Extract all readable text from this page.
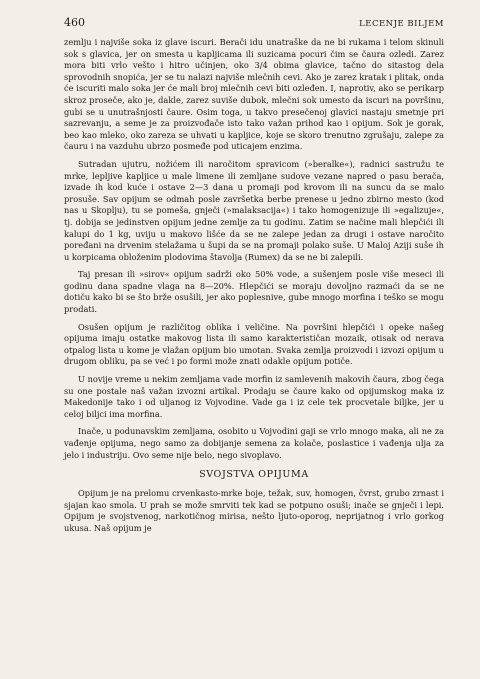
460	LECENJE BILJEM

zemlju i najviše soka iz glave iscuri. Berači idu unatraške da ne bi rukama i telom skinuli sok s glavica, jer on smesta u kapljicama ili suzicama pocuri čim se čaura ozledi. Zarez mora biti vrlo vešto i hitro učinjen, oko 3/4 obima glavice, tačno do sitastog dela sprovodnih snopića, jer se tu nalazi najviše mlečnih cevi. Ako je zarez kratak i plitak, onda će iscuriti malo soka jer će mali broj mlečnih cevi biti ozleđen. I, naprotiv, ako se perikarp skroz proseče, ako je, dakle, zarez suviše dubok, mlečni sok umesto da iscuri na površinu, gubi se u unutrašnjosti čaure. Osim toga, u takvo presečenoj glavici nastaju smetnje pri sazrevanju, a seme je za proizvođače isto tako važan prihod kao i opijum. Sok je gorak, beo kao mleko, oko zareza se uhvati u kapljice, koje se skoro trenutno zgrušaju, zalepe za čauru i na vazduhu ubrzo posmeđe pod uticajem enzima.

Sutradan ujutru, nožićem ili naročitom spravicom (»beralke«), radnici sastružu te mrke, lepljive kapljice u male limene ili zemljane sudove vezane napred o pasu berača, izvade ih kod kuće i ostave 2—3 dana u promaji pod krovom ili na suncu da se malo prosuše. Sav opijum se odmah posle završetka berbe prenese u jedno zbirno mesto (kod nas u Skoplju), tu se pomeša, gnječi (»malaksacija«) i tako homogenizuje ili »egalizuje«, tj. dobija se jedinstven opijum jedne zemlje za tu godinu. Zatim se načine mali hlepčići ili kalupi do 1 kg, uviju u makovo lišće da se ne zalepe jedan za drugi i ostave naročito poređani na drvenim stelažama u šupi da se na promaji polako suše. U Maloj Aziji suše ih u korpicama obloženim plodovima štavolja (Rumex) da se ne bi zalepili.

Taj presan ili »sirov« opijum sadrži oko 50% vode, a sušenjem posle više meseci ili godinu dana spadne vlaga na 8—20%. Hlepčići se moraju dovoljno razmaći da se ne dotiču kako bi se što brže osušili, jer ako poplesnive, gube mnogo morfina i teško se mogu prodati.

Osušen opijum je različitog oblika i veličine. Na površini hlepčići i opeke našeg opijuma imaju ostatke makovog lista ili samo karakterističan mozaik, otisak od nerava otpalog lista u kome je vlažan opijum bio umotan. Svaka zemlja proizvodi i izvozi opijum u drugom obliku, pa se već i po formi može znati odakle opijum potiče.

U novije vreme u nekim zemljama vade morfin iz samlevenih makovih čaura, zbog čega su one postale naš važan izvozni artikal. Prodaju se čaure kako od opijumskog maka iz Makedonije tako i od uljanog iz Vojvodine. Vade ga i iz cele tek procvetale biljke, jer u celoj biljci ima morfina.

Inače, u podunavskim zemljama, osobito u Vojvodini gaji se vrlo mnogo maka, ali ne za vađenje opijuma, nego samo za dobijanje semena za kolače, poslastice i vađenja ulja za jelo i industriju. Ovo seme nije belo, nego sivoplavo.

SVOJSTVA OPIJUMA

Opijum je na prelomu crvenkasto-mrke boje, težak, suv, homogen, čvrst, grubo zrnast i sjajan kao smola. U prah se može smrviti tek kad se potpuno osuši; inače se gnječi i lepi. Opijum je svojstvenog, narkotičnog mirisa, nešto ljuto-oporog, neprijatnog i vrlo gorkog ukusa. Naš opijum je
